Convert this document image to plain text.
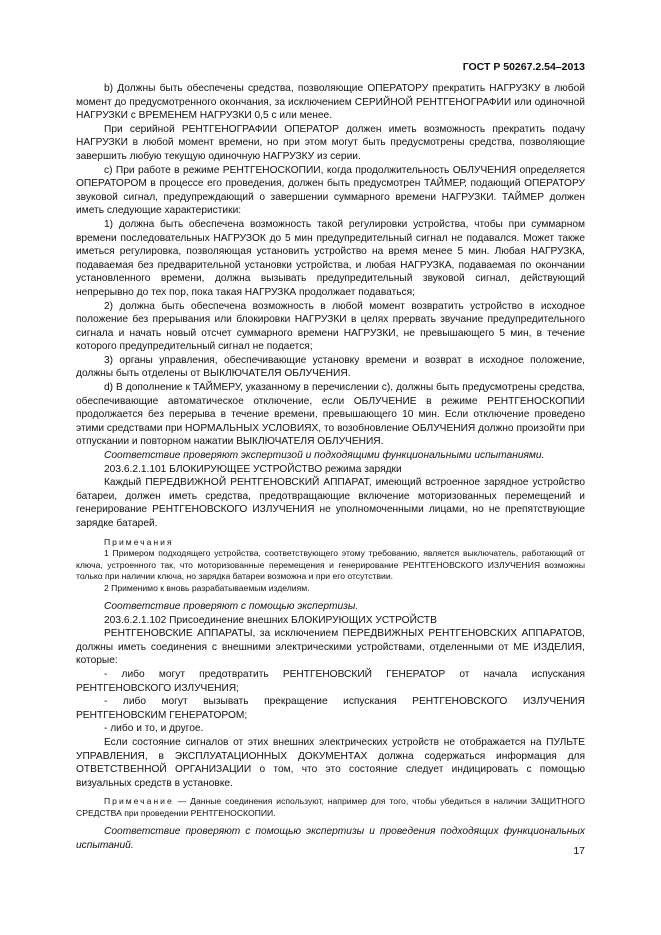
ГОСТ Р 50267.2.54–2013

b) Должны быть обеспечены средства, позволяющие ОПЕРАТОРУ прекратить НАГРУЗКУ в любой момент до предусмотренного окончания, за исключением СЕРИЙНОЙ РЕНТГЕНОГРАФИИ или одиночной НАГРУЗКИ с ВРЕМЕНЕМ НАГРУЗКИ 0,5 с или менее.

При серийной РЕНТГЕНОГРАФИИ ОПЕРАТОР должен иметь возможность прекратить подачу НАГРУЗКИ в любой момент времени, но при этом могут быть предусмотрены средства, позволяющие завершить любую текущую одиночную НАГРУЗКУ из серии.

с) При работе в режиме РЕНТГЕНОСКОПИИ, когда продолжительность ОБЛУЧЕНИЯ определяется ОПЕРАТОРОМ в процессе его проведения, должен быть предусмотрен ТАЙМЕР, подающий ОПЕРАТОРУ звуковой сигнал, предупреждающий о завершении суммарного времени НАГРУЗКИ. ТАЙМЕР должен иметь следующие характеристики:

1) должна быть обеспечена возможность такой регулировки устройства, чтобы при суммарном времени последовательных НАГРУЗОК до 5 мин предупредительный сигнал не подавался. Может также иметься регулировка, позволяющая установить устройство на время менее 5 мин. Любая НАГРУЗКА, подаваемая без предварительной установки устройства, и любая НАГРУЗКА, подаваемая по окончании установленного времени, должна вызывать предупредительный звуковой сигнал, действующий непрерывно до тех пор, пока такая НАГРУЗКА продолжает подаваться;

2) должна быть обеспечена возможность в любой момент возвратить устройство в исходное положение без прерывания или блокировки НАГРУЗКИ в целях прервать звучание предупредительного сигнала и начать новый отсчет суммарного времени НАГРУЗКИ, не превышающего 5 мин, в течение которого предупредительный сигнал не подается;

3) органы управления, обеспечивающие установку времени и возврат в исходное положение, должны быть отделены от ВЫКЛЮЧАТЕЛЯ ОБЛУЧЕНИЯ.

d) В дополнение к ТАЙМЕРУ, указанному в перечислении с), должны быть предусмотрены средства, обеспечивающие автоматическое отключение, если ОБЛУЧЕНИЕ в режиме РЕНТГЕНОСКОПИИ продолжается без перерыва в течение времени, превышающего 10 мин. Если отключение проведено этими средствами при НОРМАЛЬНЫХ УСЛОВИЯХ, то возобновление ОБЛУЧЕНИЯ должно произойти при отпускании и повторном нажатии ВЫКЛЮЧАТЕЛЯ ОБЛУЧЕНИЯ.

Соответствие проверяют экспертизой и подходящими функциональными испытаниями.

203.6.2.1.101 БЛОКИРУЮЩЕЕ УСТРОЙСТВО режима зарядки

Каждый ПЕРЕДВИЖНОЙ РЕНТГЕНОВСКИЙ АППАРАТ, имеющий встроенное зарядное устройство батареи, должен иметь средства, предотвращающие включение моторизованных перемещений и генерирование РЕНТГЕНОВСКОГО ИЗЛУЧЕНИЯ не уполномоченными лицами, но не препятствующие зарядке батарей.

Примечания

1 Примером подходящего устройства, соответствующего этому требованию, является выключатель, работающий от ключа, устроенного так, что моторизованные перемещения и генерирование РЕНТГЕНОВСКОГО ИЗЛУЧЕНИЯ возможны только при наличии ключа, но зарядка батареи возможна и при его отсутствии.

2 Применимо к вновь разрабатываемым изделиям.

Соответствие проверяют с помощью экспертизы.

203.6.2.1.102 Присоединение внешних БЛОКИРУЮЩИХ УСТРОЙСТВ

РЕНТГЕНОВСКИЕ АППАРАТЫ, за исключением ПЕРЕДВИЖНЫХ РЕНТГЕНОВСКИХ АППАРАТОВ, должны иметь соединения с внешними электрическими устройствами, отделенными от МЕ ИЗДЕЛИЯ, которые:

- либо могут предотвратить РЕНТГЕНОВСКИЙ ГЕНЕРАТОР от начала испускания РЕНТГЕНОВСКОГО ИЗЛУЧЕНИЯ;

- либо могут вызывать прекращение испускания РЕНТГЕНОВСКОГО ИЗЛУЧЕНИЯ РЕНТГЕНОВСКИМ ГЕНЕРАТОРОМ;

- либо и то, и другое.

Если состояние сигналов от этих внешних электрических устройств не отображается на ПУЛЬТЕ УПРАВЛЕНИЯ, в ЭКСПЛУАТАЦИОННЫХ ДОКУМЕНТАХ должна содержаться информация для ОТВЕТСТВЕННОЙ ОРГАНИЗАЦИИ о том, что это состояние следует индицировать с помощью визуальных средств в установке.

Примечание — Данные соединения используют, например для того, чтобы убедиться в наличии ЗАЩИТНОГО СРЕДСТВА при проведении РЕНТГЕНОСКОПИИ.

Соответствие проверяют с помощью экспертизы и проведения подходящих функциональных испытаний.	17
